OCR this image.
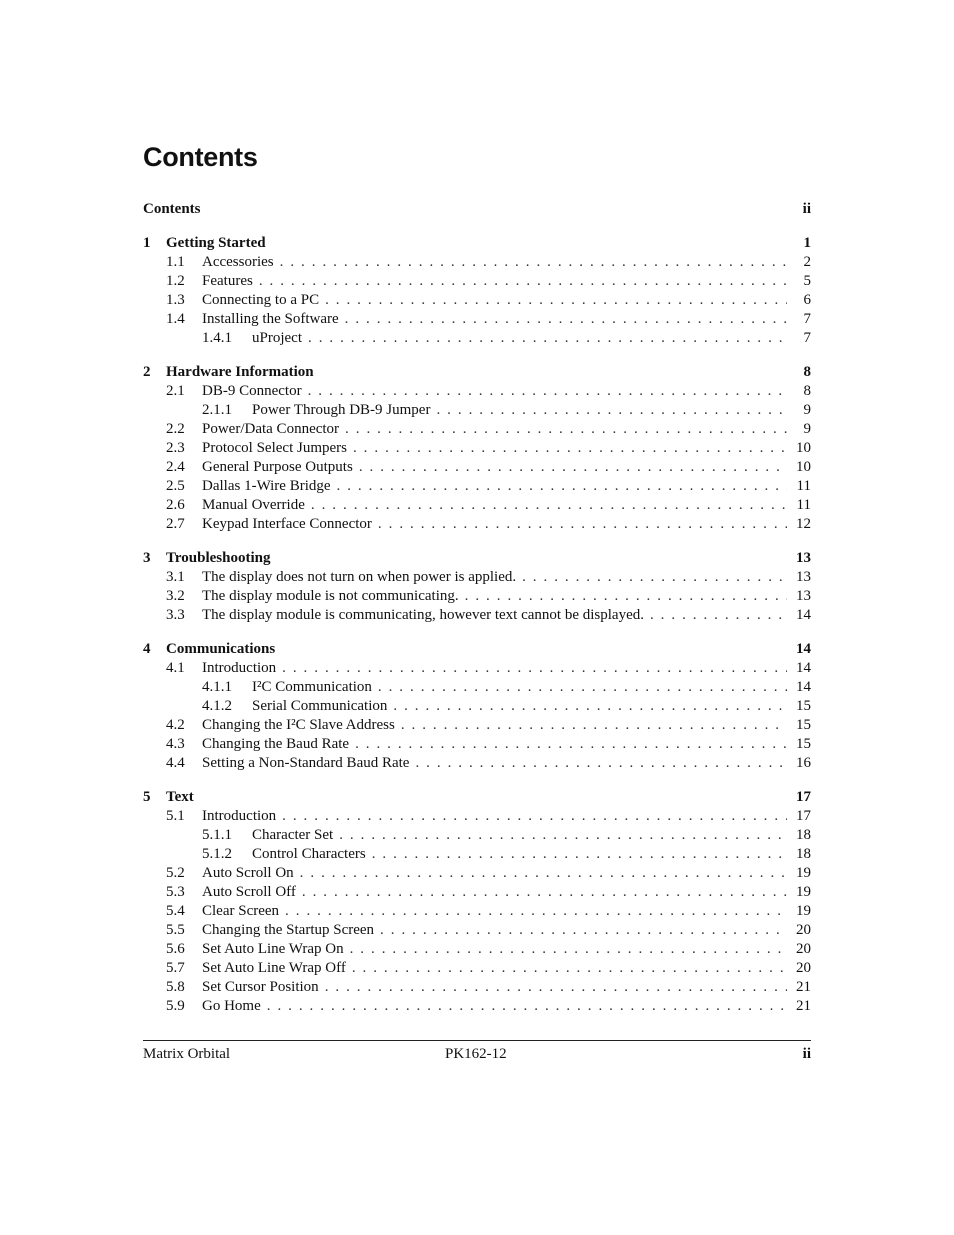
Contents
Contents	ii
1	Getting Started	1
1.1	Accessories . . .	2
1.2	Features . . .	5
1.3	Connecting to a PC . . .	6
1.4	Installing the Software . . .	7
1.4.1	uProject . . .	7
2	Hardware Information	8
2.1	DB-9 Connector . . .	8
2.1.1	Power Through DB-9 Jumper . . .	9
2.2	Power/Data Connector . . .	9
2.3	Protocol Select Jumpers . . .	10
2.4	General Purpose Outputs . . .	10
2.5	Dallas 1-Wire Bridge . . .	11
2.6	Manual Override . . .	11
2.7	Keypad Interface Connector . . .	12
3	Troubleshooting	13
3.1	The display does not turn on when power is applied. . . .	13
3.2	The display module is not communicating. . . .	13
3.3	The display module is communicating, however text cannot be displayed. . . .	14
4	Communications	14
4.1	Introduction . . .	14
4.1.1	I²C Communication . . .	14
4.1.2	Serial Communication . . .	15
4.2	Changing the I²C Slave Address . . .	15
4.3	Changing the Baud Rate . . .	15
4.4	Setting a Non-Standard Baud Rate . . .	16
5	Text	17
5.1	Introduction . . .	17
5.1.1	Character Set . . .	18
5.1.2	Control Characters . . .	18
5.2	Auto Scroll On . . .	19
5.3	Auto Scroll Off . . .	19
5.4	Clear Screen . . .	19
5.5	Changing the Startup Screen . . .	20
5.6	Set Auto Line Wrap On . . .	20
5.7	Set Auto Line Wrap Off . . .	20
5.8	Set Cursor Position . . .	21
5.9	Go Home . . .	21
Matrix Orbital	PK162-12	ii
